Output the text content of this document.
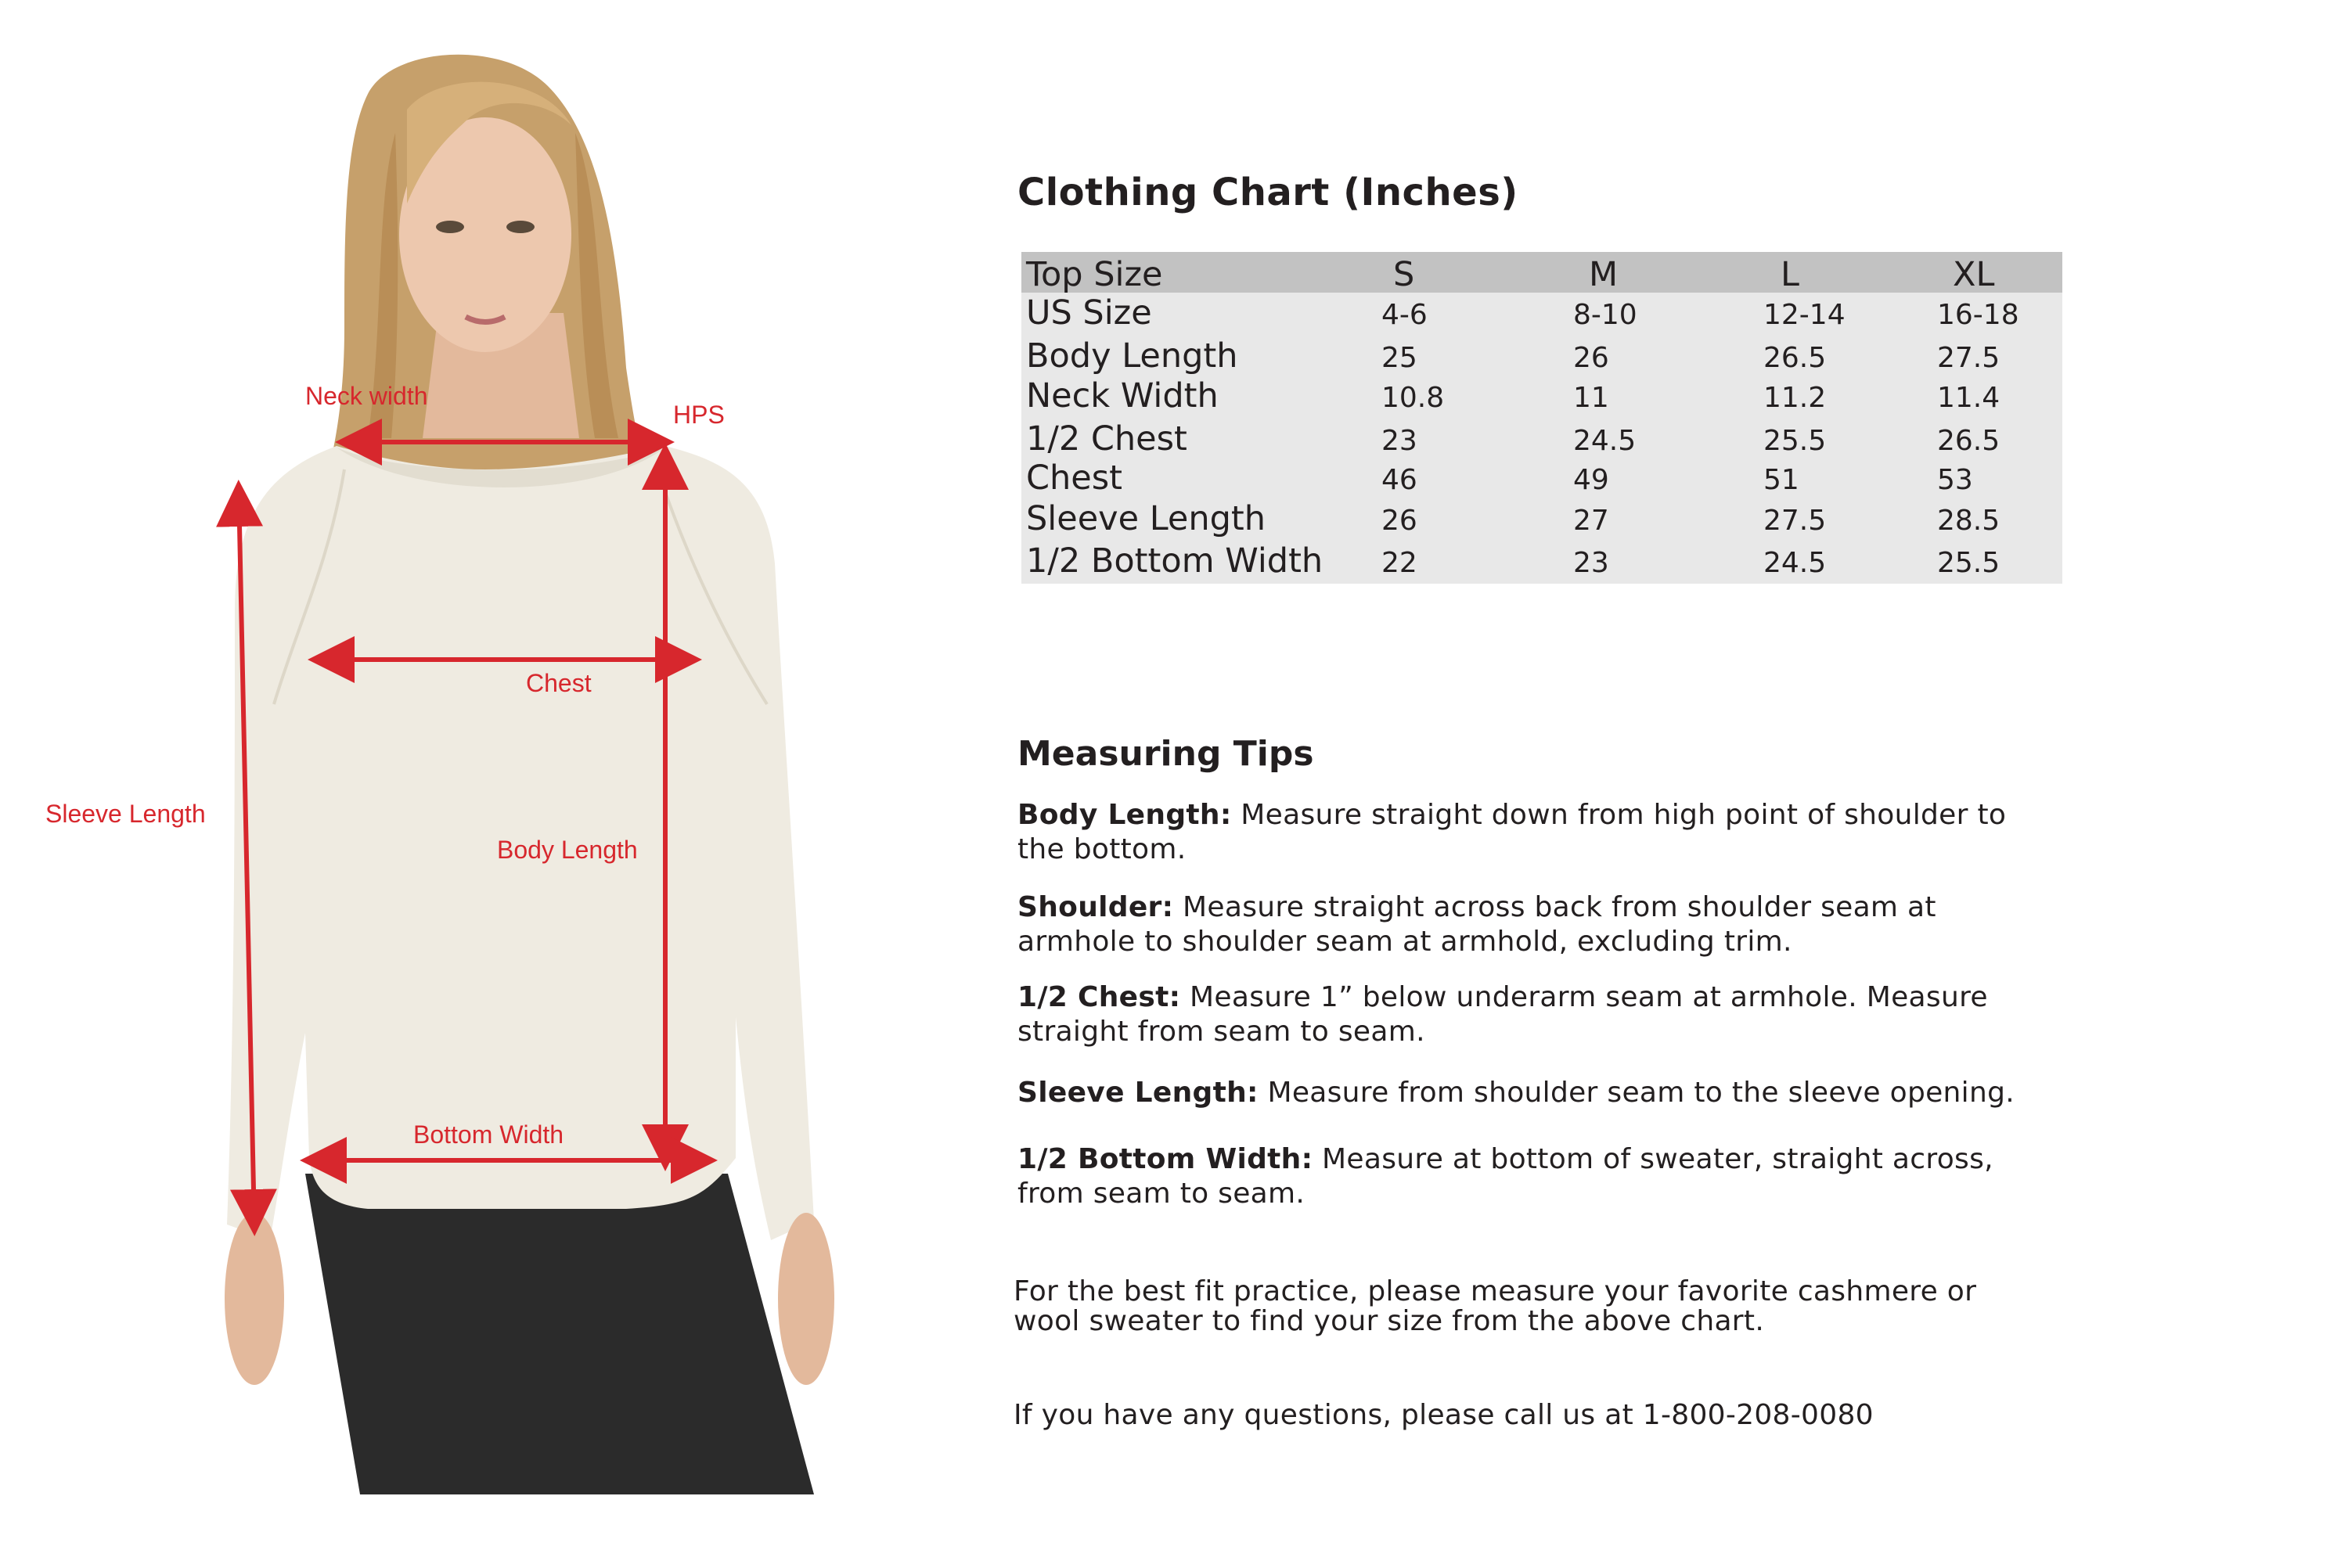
Neck width
HPS
Chest
Sleeve Length
Body Length
Bottom Width
Clothing Chart (Inches)
Top Size	S	M	L	XL
US Size	4-6	8-10	12-14	16-18
Body Length	25	26	26.5	27.5
Neck Width	10.8	11	11.2	11.4
1/2 Chest	23	24.5	25.5	26.5
Chest	46	49	51	53
Sleeve Length	26	27	27.5	28.5
1/2 Bottom Width 22	23	24.5	25.5
Measuring Tips
Body Length: Measure straight down from high point of shoulder to the bottom.
Shoulder: Measure straight across back from shoulder seam at armhole to shoulder seam at armhold, excluding trim.
1/2 Chest: Measure 1” below underarm seam at armhole. Measure straight from seam to seam.
Sleeve Length: Measure from shoulder seam to the sleeve opening.
1/2 Bottom Width: Measure at bottom of sweater, straight across, from seam to seam.
For the best fit practice, please measure your favorite cashmere or wool sweater to find your size from the above chart.
If you have any questions, please call us at 1-800-208-0080
